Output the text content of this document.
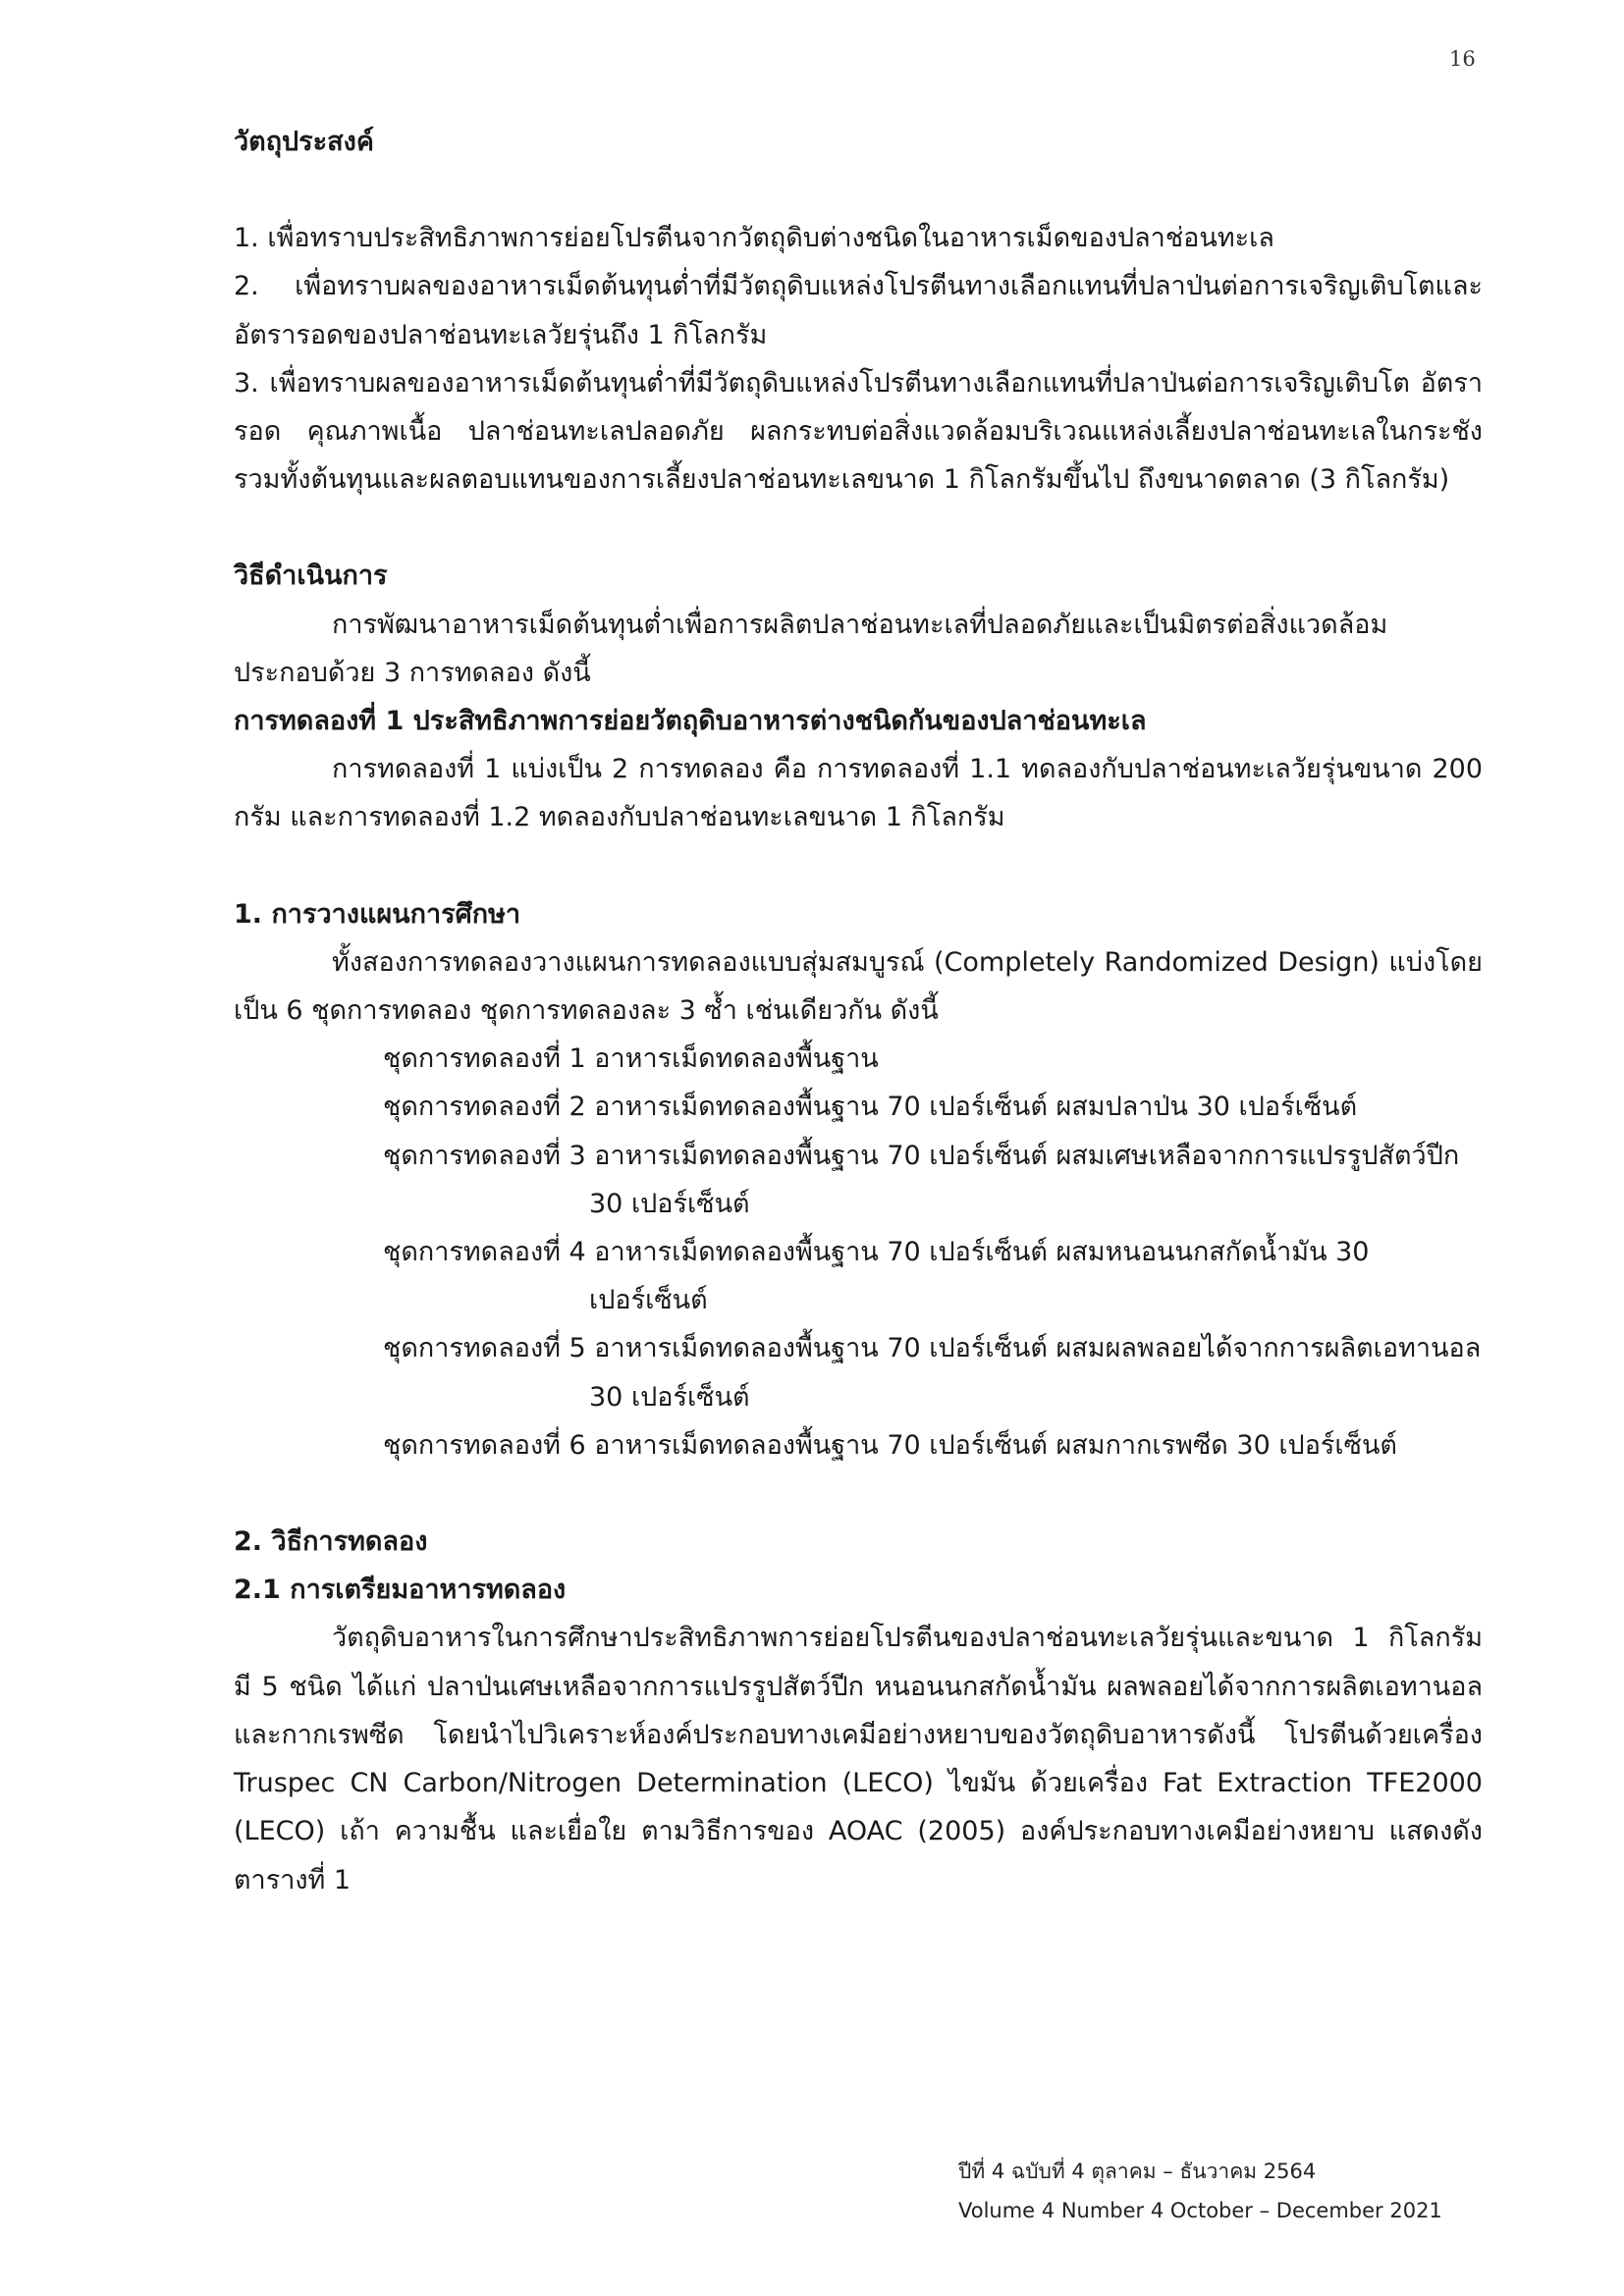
16

วัตถุประสงค์

1. เพื่อทราบประสิทธิภาพการย่อยโปรตีนจากวัตถุดิบต่างชนิดในอาหารเม็ดของปลาช่อนทะเล

2. เพื่อทราบผลของอาหารเม็ดต้นทุนต่ำที่มีวัตถุดิบแหล่งโปรตีนทางเลือกแทนที่ปลาป่นต่อการเจริญเติบโตและอัตรารอดของปลาช่อนทะเลวัยรุ่นถึง 1 กิโลกรัม

3. เพื่อทราบผลของอาหารเม็ดต้นทุนต่ำที่มีวัตถุดิบแหล่งโปรตีนทางเลือกแทนที่ปลาป่นต่อการเจริญเติบโต อัตรารอด คุณภาพเนื้อ ปลาช่อนทะเลปลอดภัย ผลกระทบต่อสิ่งแวดล้อมบริเวณแหล่งเลี้ยงปลาช่อนทะเลในกระชัง รวมทั้งต้นทุนและผลตอบแทนของการเลี้ยงปลาช่อนทะเลขนาด 1 กิโลกรัมขึ้นไป ถึงขนาดตลาด (3 กิโลกรัม)

วิธีดำเนินการ

การพัฒนาอาหารเม็ดต้นทุนต่ำเพื่อการผลิตปลาช่อนทะเลที่ปลอดภัยและเป็นมิตรต่อสิ่งแวดล้อม ประกอบด้วย 3 การทดลอง ดังนี้

การทดลองที่ 1 ประสิทธิภาพการย่อยวัตถุดิบอาหารต่างชนิดกันของปลาช่อนทะเล

การทดลองที่ 1 แบ่งเป็น 2 การทดลอง คือ การทดลองที่ 1.1 ทดลองกับปลาช่อนทะเลวัยรุ่นขนาด 200 กรัม และการทดลองที่ 1.2 ทดลองกับปลาช่อนทะเลขนาด 1 กิโลกรัม

1. การวางแผนการศึกษา

ทั้งสองการทดลองวางแผนการทดลองแบบสุ่มสมบูรณ์ (Completely Randomized Design) แบ่งโดยเป็น 6 ชุดการทดลอง ชุดการทดลองละ 3 ซ้ำ เช่นเดียวกัน ดังนี้

ชุดการทดลองที่ 1 อาหารเม็ดทดลองพื้นฐาน

ชุดการทดลองที่ 2 อาหารเม็ดทดลองพื้นฐาน 70 เปอร์เซ็นต์ ผสมปลาป่น 30 เปอร์เซ็นต์

ชุดการทดลองที่ 3 อาหารเม็ดทดลองพื้นฐาน 70 เปอร์เซ็นต์ ผสมเศษเหลือจากการแปรรูปสัตว์ปีก 30 เปอร์เซ็นต์

ชุดการทดลองที่ 4 อาหารเม็ดทดลองพื้นฐาน 70 เปอร์เซ็นต์ ผสมหนอนนกสกัดน้ำมัน 30 เปอร์เซ็นต์

ชุดการทดลองที่ 5 อาหารเม็ดทดลองพื้นฐาน 70 เปอร์เซ็นต์ ผสมผลพลอยได้จากการผลิตเอทานอล 30 เปอร์เซ็นต์

ชุดการทดลองที่ 6 อาหารเม็ดทดลองพื้นฐาน 70 เปอร์เซ็นต์ ผสมกากเรพซีด 30 เปอร์เซ็นต์

2. วิธีการทดลอง

2.1 การเตรียมอาหารทดลอง

วัตถุดิบอาหารในการศึกษาประสิทธิภาพการย่อยโปรตีนของปลาช่อนทะเลวัยรุ่นและขนาด 1 กิโลกรัม มี 5 ชนิด ได้แก่ ปลาป่นเศษเหลือจากการแปรรูปสัตว์ปีก หนอนนกสกัดน้ำมัน ผลพลอยได้จากการผลิตเอทานอล และกากเรพซีด โดยนำไปวิเคราะห์องค์ประกอบทางเคมีอย่างหยาบของวัตถุดิบอาหารดังนี้ โปรตีนด้วยเครื่อง Truspec CN Carbon/Nitrogen Determination (LECO) ไขมัน ด้วยเครื่อง Fat Extraction TFE2000 (LECO) เถ้า ความชื้น และเยื่อใย ตามวิธีการของ AOAC (2005) องค์ประกอบทางเคมีอย่างหยาบ แสดงดังตารางที่ 1

ปีที่ 4 ฉบับที่ 4 ตุลาคม – ธันวาคม 2564
Volume 4 Number 4 October – December 2021
